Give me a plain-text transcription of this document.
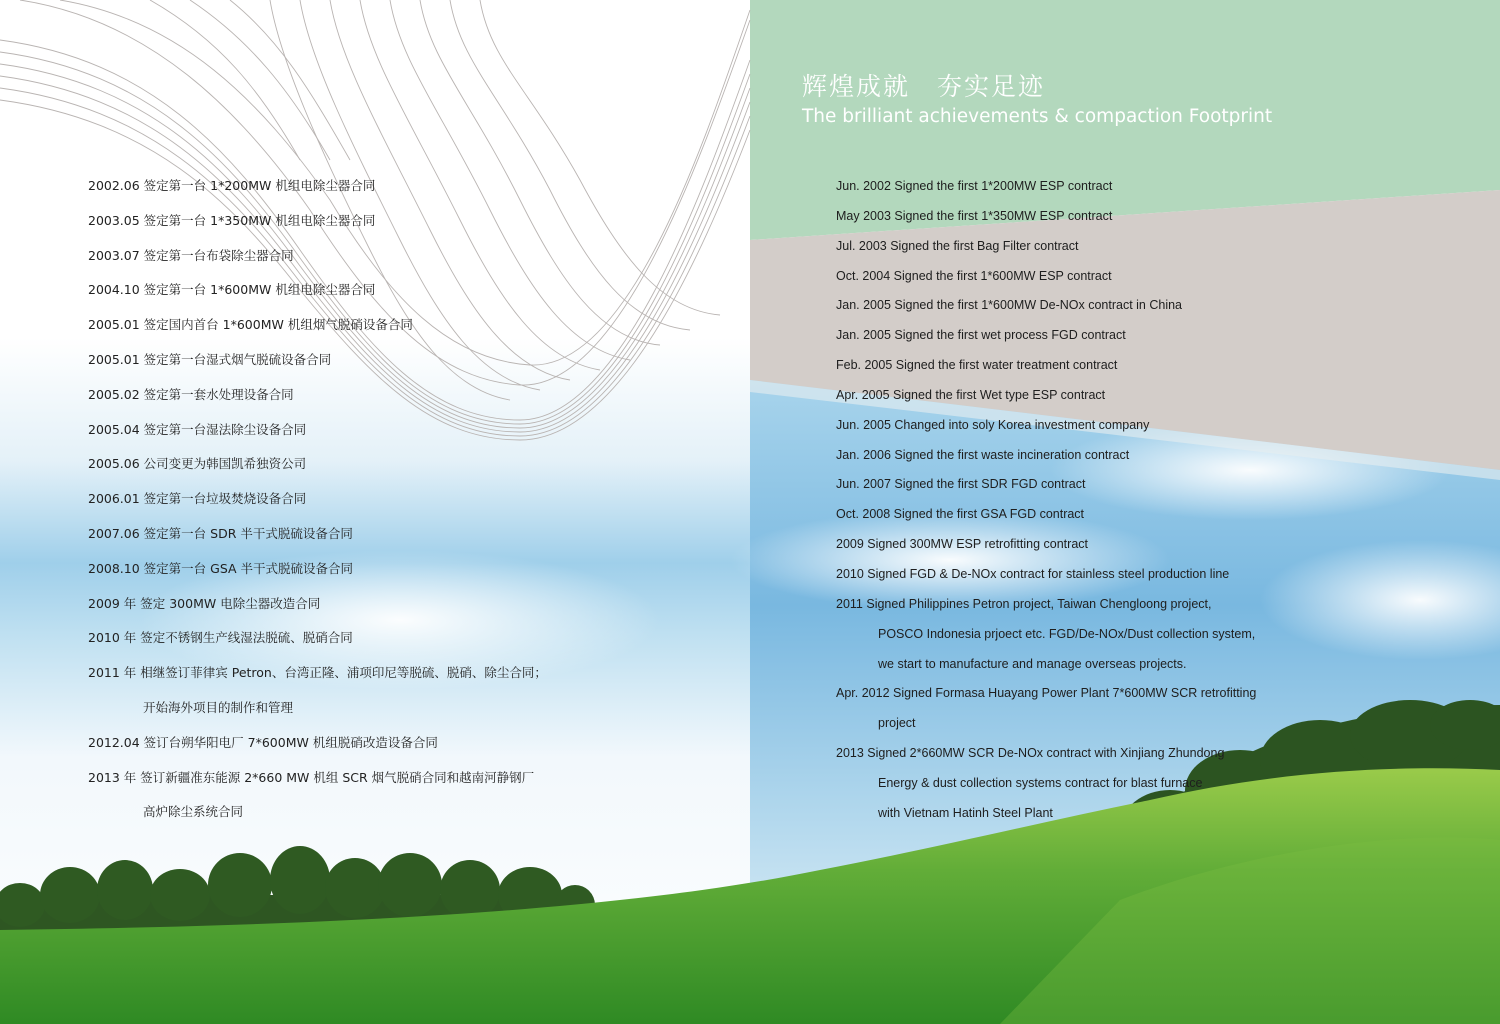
辉煌成就　夯实足迹
The brilliant achievements & compaction Footprint
2002.06 签定第一台 1*200MW 机组电除尘器合同
2003.05 签定第一台 1*350MW 机组电除尘器合同
2003.07 签定第一台布袋除尘器合同
2004.10 签定第一台 1*600MW 机组电除尘器合同
2005.01 签定国内首台 1*600MW 机组烟气脱硝设备合同
2005.01 签定第一台湿式烟气脱硫设备合同
2005.02 签定第一套水处理设备合同
2005.04 签定第一台湿法除尘设备合同
2005.06 公司变更为韩国凯希独资公司
2006.01 签定第一台垃圾焚烧设备合同
2007.06 签定第一台 SDR 半干式脱硫设备合同
2008.10 签定第一台 GSA 半干式脱硫设备合同
2009 年 签定 300MW 电除尘器改造合同
2010 年 签定不锈钢生产线湿法脱硫、脱硝合同
2011 年 相继签订菲律宾 Petron、台湾正隆、浦项印尼等脱硫、脱硝、除尘合同；
开始海外项目的制作和管理
2012.04 签订台朔华阳电厂 7*600MW 机组脱硝改造设备合同
2013 年 签订新疆准东能源 2*660 MW 机组 SCR 烟气脱硝合同和越南河静钢厂
高炉除尘系统合同
Jun. 2002 Signed the first 1*200MW ESP contract
May 2003 Signed the first 1*350MW ESP contract
Jul. 2003 Signed the first Bag Filter contract
Oct. 2004 Signed the first 1*600MW ESP contract
Jan. 2005 Signed the first 1*600MW De-NOx contract in China
Jan. 2005 Signed the first wet process FGD contract
Feb. 2005 Signed the first water treatment contract
Apr. 2005 Signed the first Wet type ESP contract
Jun. 2005 Changed into soly Korea investment company
Jan. 2006 Signed the first waste incineration contract
Jun. 2007 Signed the first SDR FGD contract
Oct. 2008 Signed the first GSA FGD contract
2009 Signed 300MW ESP retrofitting contract
2010 Signed FGD & De-NOx contract for stainless steel production line
2011 Signed Philippines Petron project, Taiwan Chengloong project,
POSCO Indonesia prjoect etc. FGD/De-NOx/Dust collection system,
we start to manufacture and manage overseas projects.
Apr. 2012 Signed Formasa Huayang Power Plant 7*600MW SCR retrofitting
project
2013 Signed 2*660MW SCR De-NOx contract with Xinjiang Zhundong
Energy & dust collection systems contract for blast furnace
with Vietnam Hatinh Steel Plant
